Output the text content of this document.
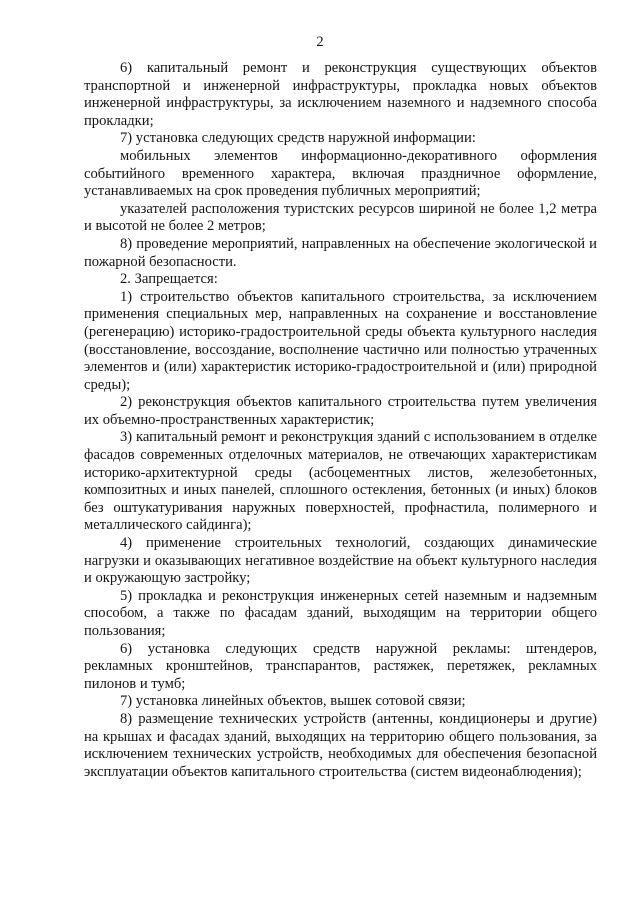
2

6) капитальный ремонт и реконструкция существующих объектов транспортной и инженерной инфраструктуры, прокладка новых объектов инженерной инфраструктуры, за исключением наземного и надземного способа прокладки;

7) установка следующих средств наружной информации:

мобильных элементов информационно-декоративного оформления событийного временного характера, включая праздничное оформление, устанавливаемых на срок проведения публичных мероприятий;

указателей расположения туристских ресурсов шириной не более 1,2 метра и высотой не более 2 метров;

8) проведение мероприятий, направленных на обеспечение экологической и пожарной безопасности.

2. Запрещается:

1) строительство объектов капитального строительства, за исключением применения специальных мер, направленных на сохранение и восстановление (регенерацию) историко-градостроительной среды объекта культурного наследия (восстановление, воссоздание, восполнение частично или полностью утраченных элементов и (или) характеристик историко-градостроительной и (или) природной среды);

2) реконструкция объектов капитального строительства путем увеличения их объемно-пространственных характеристик;

3) капитальный ремонт и реконструкция зданий с использованием в отделке фасадов современных отделочных материалов, не отвечающих характеристикам историко-архитектурной среды (асбоцементных листов, железобетонных, композитных и иных панелей, сплошного остекления, бетонных (и иных) блоков без оштукатуривания наружных поверхностей, профнастила, полимерного и металлического сайдинга);

4) применение строительных технологий, создающих динамические нагрузки и оказывающих негативное воздействие на объект культурного наследия и окружающую застройку;

5) прокладка и реконструкция инженерных сетей наземным и надземным способом, а также по фасадам зданий, выходящим на территории общего пользования;

6) установка следующих средств наружной рекламы: штендеров, рекламных кронштейнов, транспарантов, растяжек, перетяжек, рекламных пилонов и тумб;

7) установка линейных объектов, вышек сотовой связи;

8) размещение технических устройств (антенны, кондиционеры и другие) на крышах и фасадах зданий, выходящих на территорию общего пользования, за исключением технических устройств, необходимых для обеспечения безопасной эксплуатации объектов капитального строительства (систем видеонаблюдения);
